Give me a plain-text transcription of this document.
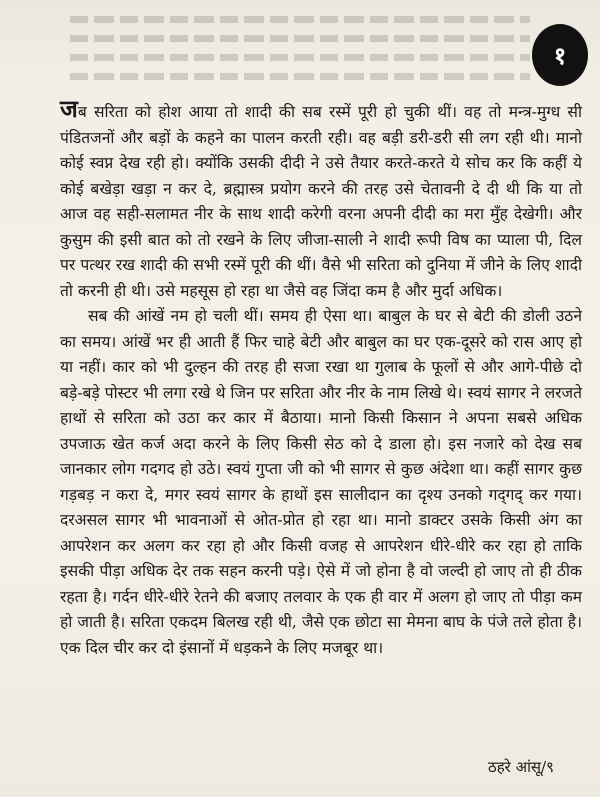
१

जब सरिता को होश आया तो शादी की सब रस्में पूरी हो चुकी थीं। वह तो मन्त्र-मुग्ध सी पंडितजनों और बड़ों के कहने का पालन करती रही। वह बड़ी डरी-डरी सी लग रही थी। मानो कोई स्वप्न देख रही हो। क्योंकि उसकी दीदी ने उसे तैयार करते-करते ये सोच कर कि कहीं ये कोई बखेड़ा खड़ा न कर दे, ब्रह्मास्त्र प्रयोग करने की तरह उसे चेतावनी दे दी थी कि या तो आज वह सही-सलामत नीर के साथ शादी करेगी वरना अपनी दीदी का मरा मुँह देखेगी। और कुसुम की इसी बात को तो रखने के लिए जीजा-साली ने शादी रूपी विष का प्याला पी, दिल पर पत्थर रख शादी की सभी रस्में पूरी की थीं। वैसे भी सरिता को दुनिया में जीने के लिए शादी तो करनी ही थी। उसे महसूस हो रहा था जैसे वह जिंदा कम है और मुर्दा अधिक।

सब की आंखें नम हो चली थीं। समय ही ऐसा था। बाबुल के घर से बेटी की डोली उठने का समय। आंखें भर ही आती हैं फिर चाहे बेटी और बाबुल का घर एक-दूसरे को रास आए हो या नहीं। कार को भी दुल्हन की तरह ही सजा रखा था गुलाब के फूलों से और आगे-पीछे दो बड़े-बड़े पोस्टर भी लगा रखे थे जिन पर सरिता और नीर के नाम लिखे थे। स्वयं सागर ने लरजते हाथों से सरिता को उठा कर कार में बैठाया। मानो किसी किसान ने अपना सबसे अधिक उपजाऊ खेत कर्ज अदा करने के लिए किसी सेठ को दे डाला हो। इस नजारे को देख सब जानकार लोग गदगद हो उठे। स्वयं गुप्ता जी को भी सागर से कुछ अंदेशा था। कहीं सागर कुछ गड़बड़ न करा दे, मगर स्वयं सागर के हाथों इस सालीदान का दृश्य उनको गद्‌गद्‌ कर गया। दरअसल सागर भी भावनाओं से ओत-प्रोत हो रहा था। मानो डाक्टर उसके किसी अंग का आपरेशन कर अलग कर रहा हो और किसी वजह से आपरेशन धीरे-धीरे कर रहा हो ताकि इसकी पीड़ा अधिक देर तक सहन करनी पड़े। ऐसे में जो होना है वो जल्दी हो जाए तो ही ठीक रहता है। गर्दन धीरे-धीरे रेतने की बजाए तलवार के एक ही वार में अलग हो जाए तो पीड़ा कम हो जाती है। सरिता एकदम बिलख रही थी, जैसे एक छोटा सा मेमना बाघ के पंजे तले होता है। एक दिल चीर कर दो इंसानों में धड़कने के लिए मजबूर था।

ठहरे आंसू/९
